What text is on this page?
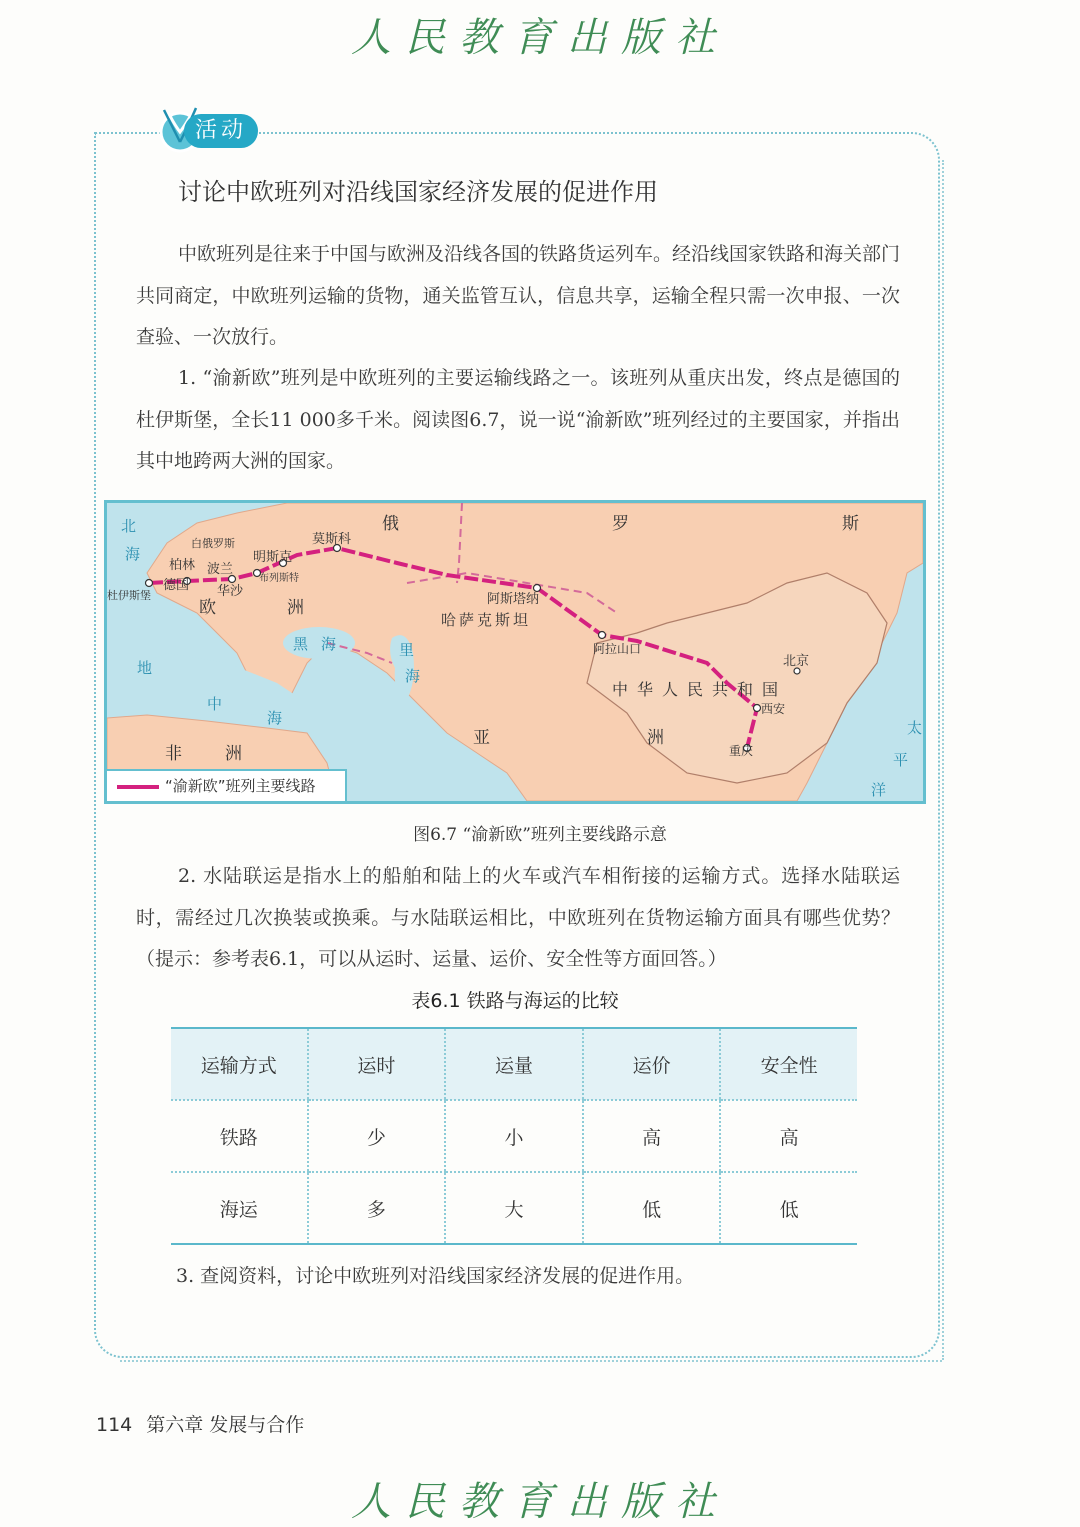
人民教育出版社
活动
讨论中欧班列对沿线国家经济发展的促进作用

中欧班列是往来于中国与欧洲及沿线各国的铁路货运列车。经沿线国家铁路和海关部门共同商定，中欧班列运输的货物，通关监管互认，信息共享，运输全程只需一次申报、一次查验、一次放行。

1. “渝新欧”班列是中欧班列的主要运输线路之一。该班列从重庆出发，终点是德国的杜伊斯堡，全长11 000多千米。阅读图6.7，说一说“渝新欧”班列经过的主要国家，并指出其中地跨两大洲的国家。

俄	罗	斯
莫斯科
白俄罗斯
明斯克
波兰
华沙
柏林
德国
杜伊斯堡
布列斯特
欧	洲
北
海
黑 海	里
海
地
中
海
阿斯塔纳
哈萨克斯坦
阿拉山口
中华人民共和国
北京
西安
重庆
亚	洲
非	洲
太
平
洋
“渝新欧”班列主要线路
图6.7 “渝新欧”班列主要线路示意

2. 水陆联运是指水上的船舶和陆上的火车或汽车相衔接的运输方式。选择水陆联运时，需经过几次换装或换乘。与水陆联运相比，中欧班列在货物运输方面具有哪些优势？（提示：参考表6.1，可以从运时、运量、运价、安全性等方面回答。）

表6.1 铁路与海运的比较
运输方式	运时	运量	运价	安全性
铁路	少	小	高	高
海运	多	大	低	低

3. 查阅资料，讨论中欧班列对沿线国家经济发展的促进作用。

114 第六章 发展与合作
人民教育出版社
